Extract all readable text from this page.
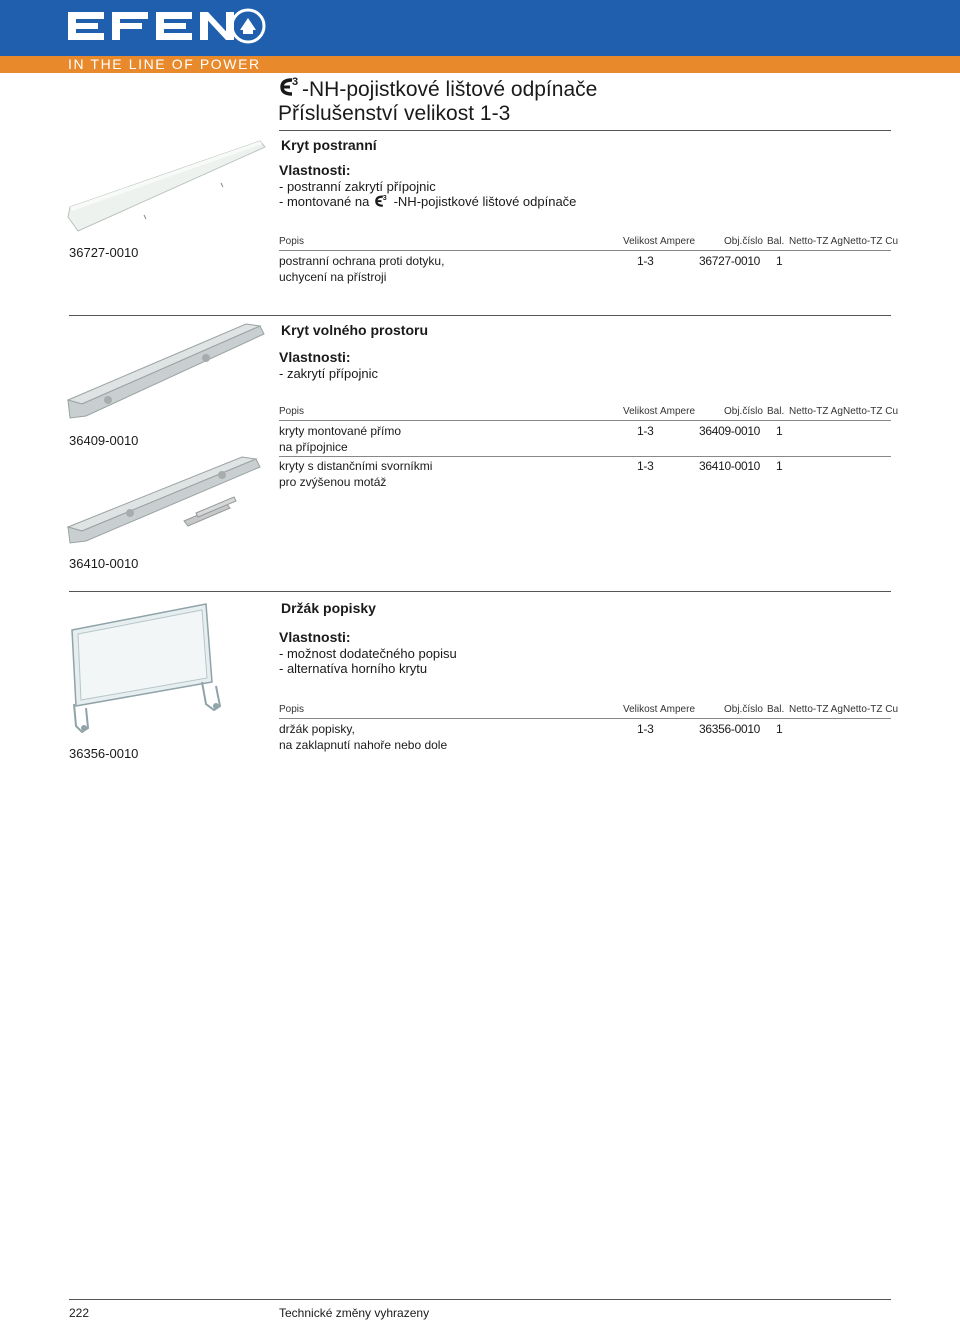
IN THE LINE OF POWER
3 -NH-pojistkové lištové odpínače
Příslušenství velikost 1-3
Kryt postranní
Vlastnosti:
- postranní zakrytí přípojnic
- montované na 3 -NH-pojistkové lištové odpínače
36727-0010
Popis	Velikost Ampere	Obj.číslo Bal. Netto-TZ Ag Netto-TZ Cu
postranní ochrana proti dotyku,
uchycení na přístroji
1-3	36727-0010 1
Kryt volného prostoru
Vlastnosti:
- zakrytí přípojnic
36409-0010
Popis	Velikost Ampere	Obj.číslo Bal. Netto-TZ Ag Netto-TZ Cu
kryty montované přímo
na přípojnice
1-3	36409-0010 1
kryty s distančními svorníkmi
pro zvýšenou motáž
1-3	36410-0010 1
36410-0010
Držák popisky
Vlastnosti:
- možnost dodatečného popisu
- alternatíva horního krytu
36356-0010
Popis	Velikost Ampere	Obj.číslo Bal. Netto-TZ Ag Netto-TZ Cu
držák popisky,
na zaklapnutí nahoře nebo dole
1-3	36356-0010 1
222	Technické změny vyhrazeny
